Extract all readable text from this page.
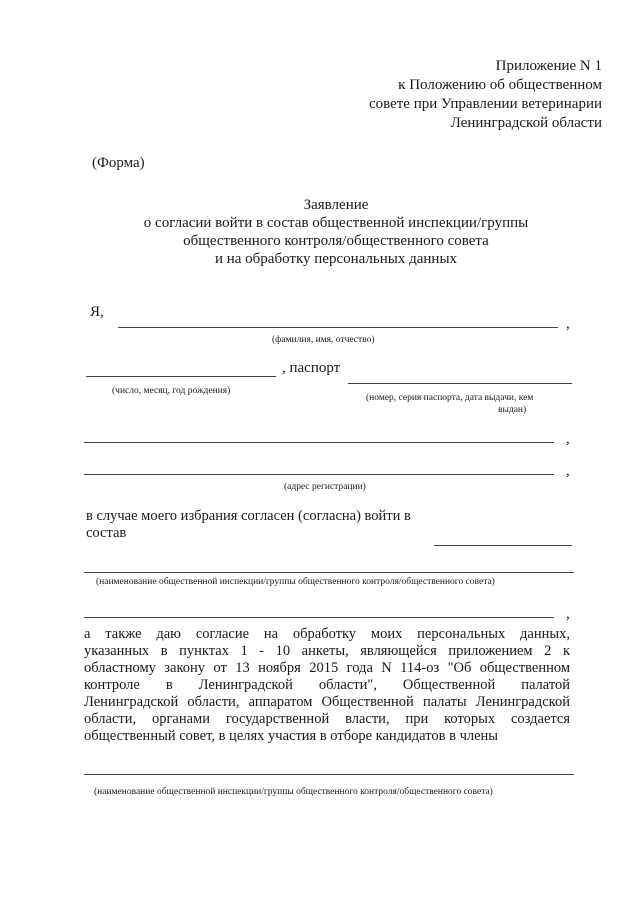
Приложение N 1
к Положению об общественном
совете при Управлении ветеринарии
Ленинградской области
(Форма)
Заявление
о согласии войти в состав общественной инспекции/группы
общественного контроля/общественного совета
и на обработку персональных данных
Я,
,
(фамилия, имя, отчество)
, паспорт
(число, месяц, год рождения)
(номер, серия паспорта, дата выдачи, кем
выдан)
,
,
(адрес регистрации)
в случае моего избрания согласен (согласна) войти в
состав
(наименование общественной инспекции/группы общественного контроля/общественного совета)
,
а также даю согласие на обработку моих персональных данных,
указанных в пунктах 1 - 10 анкеты, являющейся приложением 2 к
областному закону от 13 ноября 2015 года N 114-оз "Об общественном
контроле в Ленинградской области", Общественной палатой
Ленинградской области, аппаратом Общественной палаты Ленинградской
области, органами государственной власти, при которых создается
общественный совет, в целях участия в отборе кандидатов в члены
(наименование общественной инспекции/группы общественного контроля/общественного совета)
